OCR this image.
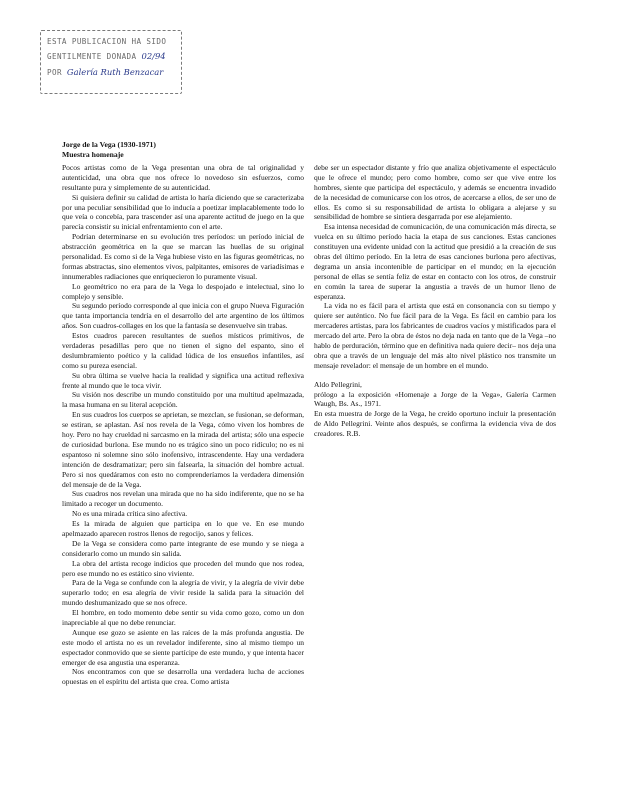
ESTA PUBLICACION HA SIDO
GENTILMENTE DONADA 02/94
POR Galería Ruth Benzacar
Jorge de la Vega (1930-1971)
Muestra homenaje

Pocos artistas como de la Vega presentan una obra de tal originalidad y autenticidad, una obra que nos ofrece lo novedoso sin esfuerzos, como resultante pura y simplemente de su autenticidad.

Si quisiera definir su calidad de artista lo haría diciendo que se caracterizaba por una peculiar sensibilidad que lo inducía a poetizar implacablemente todo lo que veía o concebía, para trascender así una aparente actitud de juego en la que parecía consistir su inicial enfrentamiento con el arte.

Podrían determinarse en su evolución tres períodos: un período inicial de abstracción geométrica en la que se marcan las huellas de su original personalidad. Es como si de la Vega hubiese visto en las figuras geométricas, no formas abstractas, sino elementos vivos, palpitantes, emisores de variadísimas e innumerables radiaciones que enriquecieron lo puramente visual.

Lo geométrico no era para de la Vega lo despojado e intelectual, sino lo complejo y sensible.

Su segundo período corresponde al que inicia con el grupo Nueva Figuración que tanta importancia tendría en el desarrollo del arte argentino de los últimos años. Son cuadros-collages en los que la fantasía se desenvuelve sin trabas.

Estos cuadros parecen resultantes de sueños místicos primitivos, de verdaderas pesadillas pero que no tienen el signo del espanto, sino el deslumbramiento poético y la calidad lúdica de los ensueños infantiles, así como su pureza esencial.

Su obra última se vuelve hacia la realidad y significa una actitud reflexiva frente al mundo que le toca vivir.

Su visión nos describe un mundo constituido por una multitud apelmazada, la masa humana en su literal acepción.

En sus cuadros los cuerpos se aprietan, se mezclan, se fusionan, se deforman, se estiran, se aplastan. Así nos revela de la Vega, cómo viven los hombres de hoy. Pero no hay crueldad ni sarcasmo en la mirada del artista; sólo una especie de curiosidad burlona. Ese mundo no es trágico sino un poco ridículo; no es ni espantoso ni solemne sino sólo inofensivo, intrascendente. Hay una verdadera intención de desdramatizar; pero sin falsearla, la situación del hombre actual. Pero si nos quedáramos con esto no comprenderíamos la verdadera dimensión del mensaje de de la Vega.

Sus cuadros nos revelan una mirada que no ha sido indiferente, que no se ha limitado a recoger un documento.

No es una mirada crítica sino afectiva.

Es la mirada de alguien que participa en lo que ve. En ese mundo apelmazado aparecen rostros llenos de regocijo, sanos y felices.

De la Vega se considera como parte integrante de ese mundo y se niega a considerarlo como un mundo sin salida.

La obra del artista recoge indicios que proceden del mundo que nos rodea, pero ese mundo no es estático sino viviente.

Para de la Vega se confunde con la alegría de vivir, y la alegría de vivir debe superarlo todo; en esa alegría de vivir reside la salida para la situación del mundo deshumanizado que se nos ofrece.

El hombre, en todo momento debe sentir su vida como gozo, como un don inapreciable al que no debe renunciar.

Aunque ese gozo se asiente en las raíces de la más profunda angustia. De este modo el artista no es un revelador indiferente, sino al mismo tiempo un espectador conmovido que se siente partícipe de este mundo, y que intenta hacer emerger de esa angustia una esperanza.

Nos encontramos con que se desarrolla una verdadera lucha de acciones opuestas en el espíritu del artista que crea. Como artista

debe ser un espectador distante y frío que analiza objetivamente el espectáculo que le ofrece el mundo; pero como hombre, como ser que vive entre los hombres, siente que participa del espectáculo, y además se encuentra invadido de la necesidad de comunicarse con los otros, de acercarse a ellos, de ser uno de ellos. Es como si su responsabilidad de artista lo obligara a alejarse y su sensibilidad de hombre se sintiera desgarrada por ese alejamiento.

Esa intensa necesidad de comunicación, de una comunicación más directa, se vuelca en su último período hacia la etapa de sus canciones. Estas canciones constituyen una evidente unidad con la actitud que presidió a la creación de sus obras del último período. En la letra de esas canciones burlona pero afectivas, degrama un ansia incontenible de participar en el mundo; en la ejecución personal de ellas se sentía feliz de estar en contacto con los otros, de construir en común la tarea de superar la angustia a través de un humor lleno de esperanza.

La vida no es fácil para el artista que está en consonancia con su tiempo y quiere ser auténtico. No fue fácil para de la Vega. Es fácil en cambio para los mercaderes artistas, para los fabricantes de cuadros vacíos y mistificados para el mercado del arte. Pero la obra de éstos no deja nada en tanto que de la Vega –no hablo de perduración, término que en definitiva nada quiere decir– nos deja una obra que a través de un lenguaje del más alto nivel plástico nos transmite un mensaje revelador: el mensaje de un hombre en el mundo.

Aldo Pellegrini,
prólogo a la exposición «Homenaje a Jorge de la Vega», Galería Carmen Waugh, Bs. As., 1971.

En esta muestra de Jorge de la Vega, he creído oportuno incluir la presentación de Aldo Pellegrini. Veinte años después, se confirma la evidencia viva de dos creadores. R.B.
